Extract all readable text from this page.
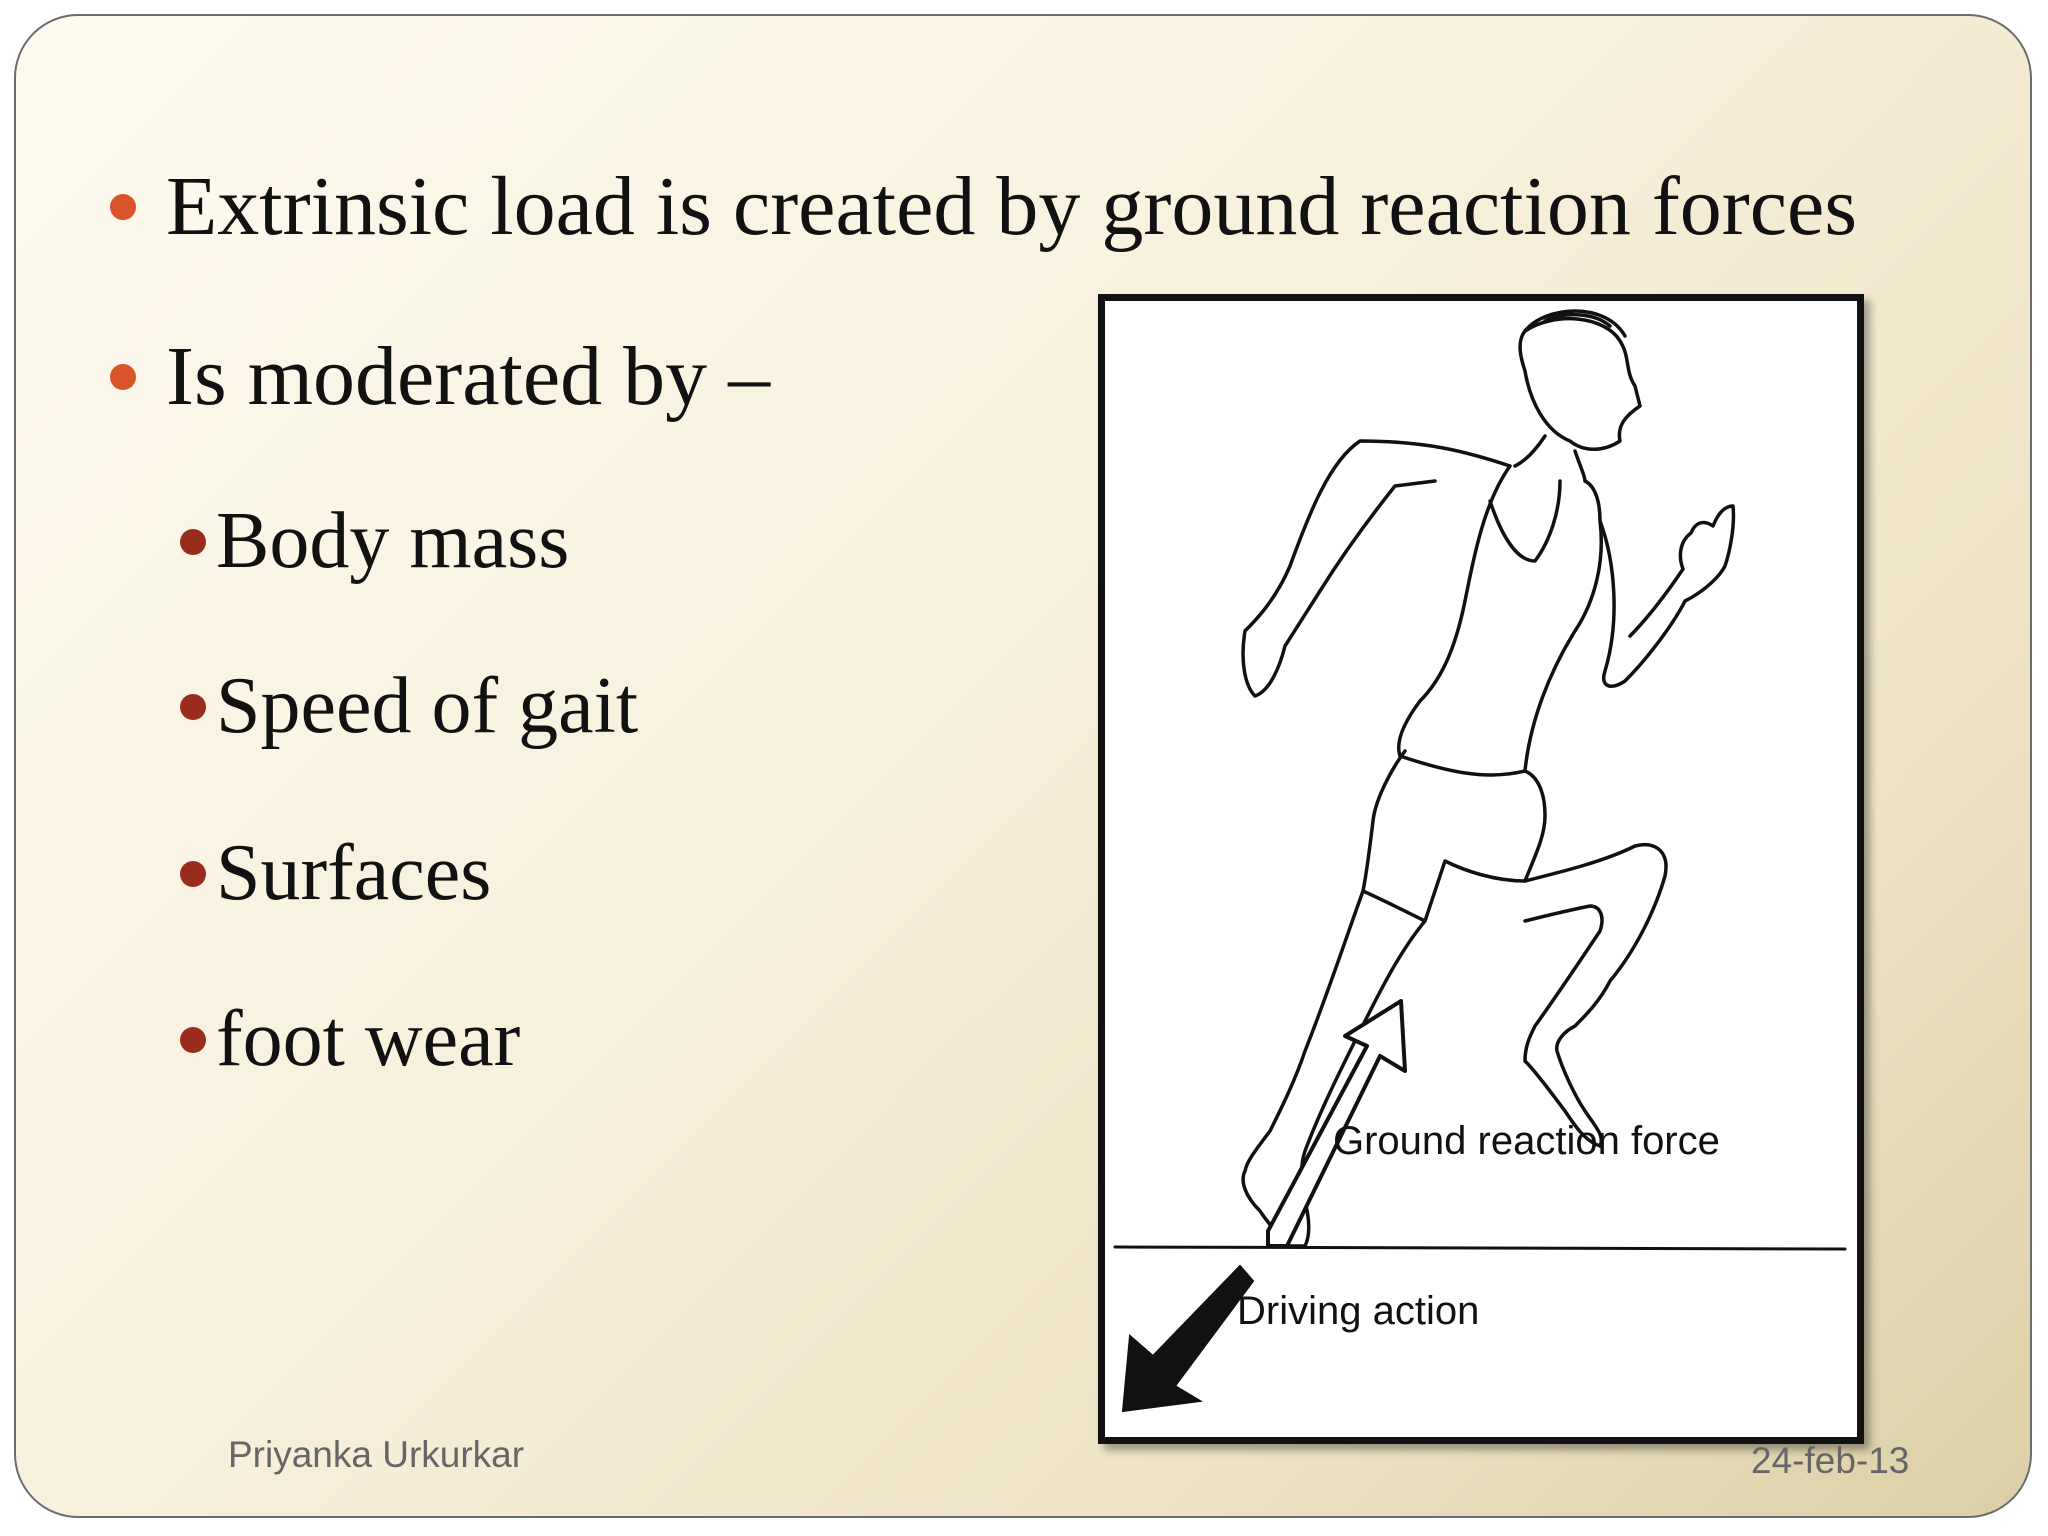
Extrinsic load is created by ground reaction forces
Is moderated by –
Body mass
Speed of gait
Surfaces
foot wear
Ground reaction force
Driving action
Priyanka Urkurkar	24-feb-13
